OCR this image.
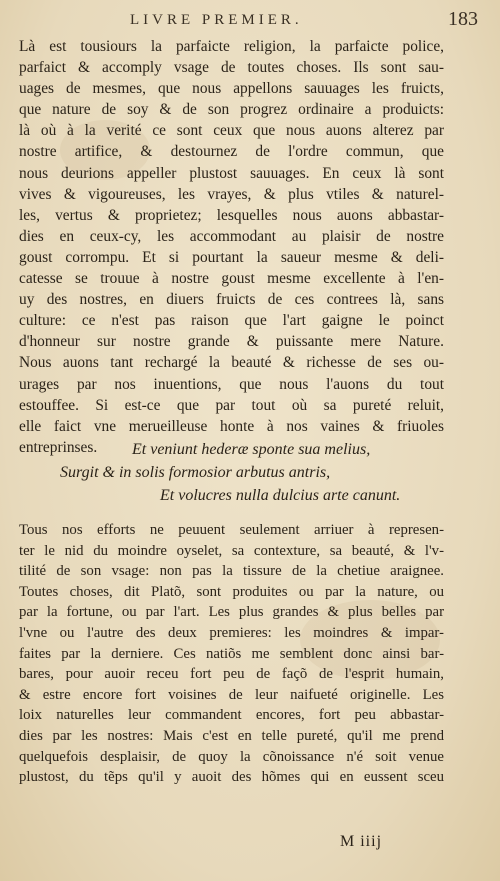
LIVRE PREMIER.	183
Là est tousiours la parfaicte religion, la parfaicte police,
parfaict & accomply vsage de toutes choses. Ils sont sau-
uages de mesmes, que nous appellons sauuages les fruicts,
que nature de soy & de son progrez ordinaire a produicts:
là où à la verité ce sont ceux que nous auons alterez par
nostre artifice, & destournez de l'ordre commun, que
nous deurions appeller plustost sauuages. En ceux là sont
vives & vigoureuses, les vrayes, & plus vtiles & naturel-
les, vertus & proprietez; lesquelles nous auons abbastar-
dies en ceux-cy, les accommodant au plaisir de nostre
goust corrompu. Et si pourtant la saueur mesme & deli-
catesse se trouue à nostre goust mesme excellente à l'en-
uy des nostres, en diuers fruicts de ces contrees là, sans
culture: ce n'est pas raison que l'art gaigne le poinct
d'honneur sur nostre grande & puissante mere Nature.
Nous auons tant rechargé la beauté & richesse de ses ou-
urages par nos inuentions, que nous l'auons du tout
estouffee. Si est-ce que par tout où sa pureté reluit,
elle faict vne merueilleuse honte à nos vaines & friuoles
entreprinses.	Et veniunt hederæ sponte sua melius,
Surgit & in solis formosior arbutus antris,
Et volucres nulla dulcius arte canunt.
Tous nos efforts ne peuuent seulement arriuer à represen-
ter le nid du moindre oyselet, sa contexture, sa beauté, & l'v-
tilité de son vsage: non pas la tissure de la chetiue araignee.
Toutes choses, dit Platõ, sont produites ou par la nature, ou
par la fortune, ou par l'art. Les plus grandes & plus belles par
l'vne ou l'autre des deux premieres: les moindres & impar-
faites par la derniere. Ces natiõs me semblent donc ainsi bar-
bares, pour auoir receu fort peu de façõ de l'esprit humain,
& estre encore fort voisines de leur naifueté originelle. Les
loix naturelles leur commandent encores, fort peu abbastar-
dies par les nostres: Mais c'est en telle pureté, qu'il me prend
quelquefois desplaisir, de quoy la cõnoissance n'é soit venue
plustost, du tẽps qu'il y auoit des hõmes qui en eussent sceu
M iiij
